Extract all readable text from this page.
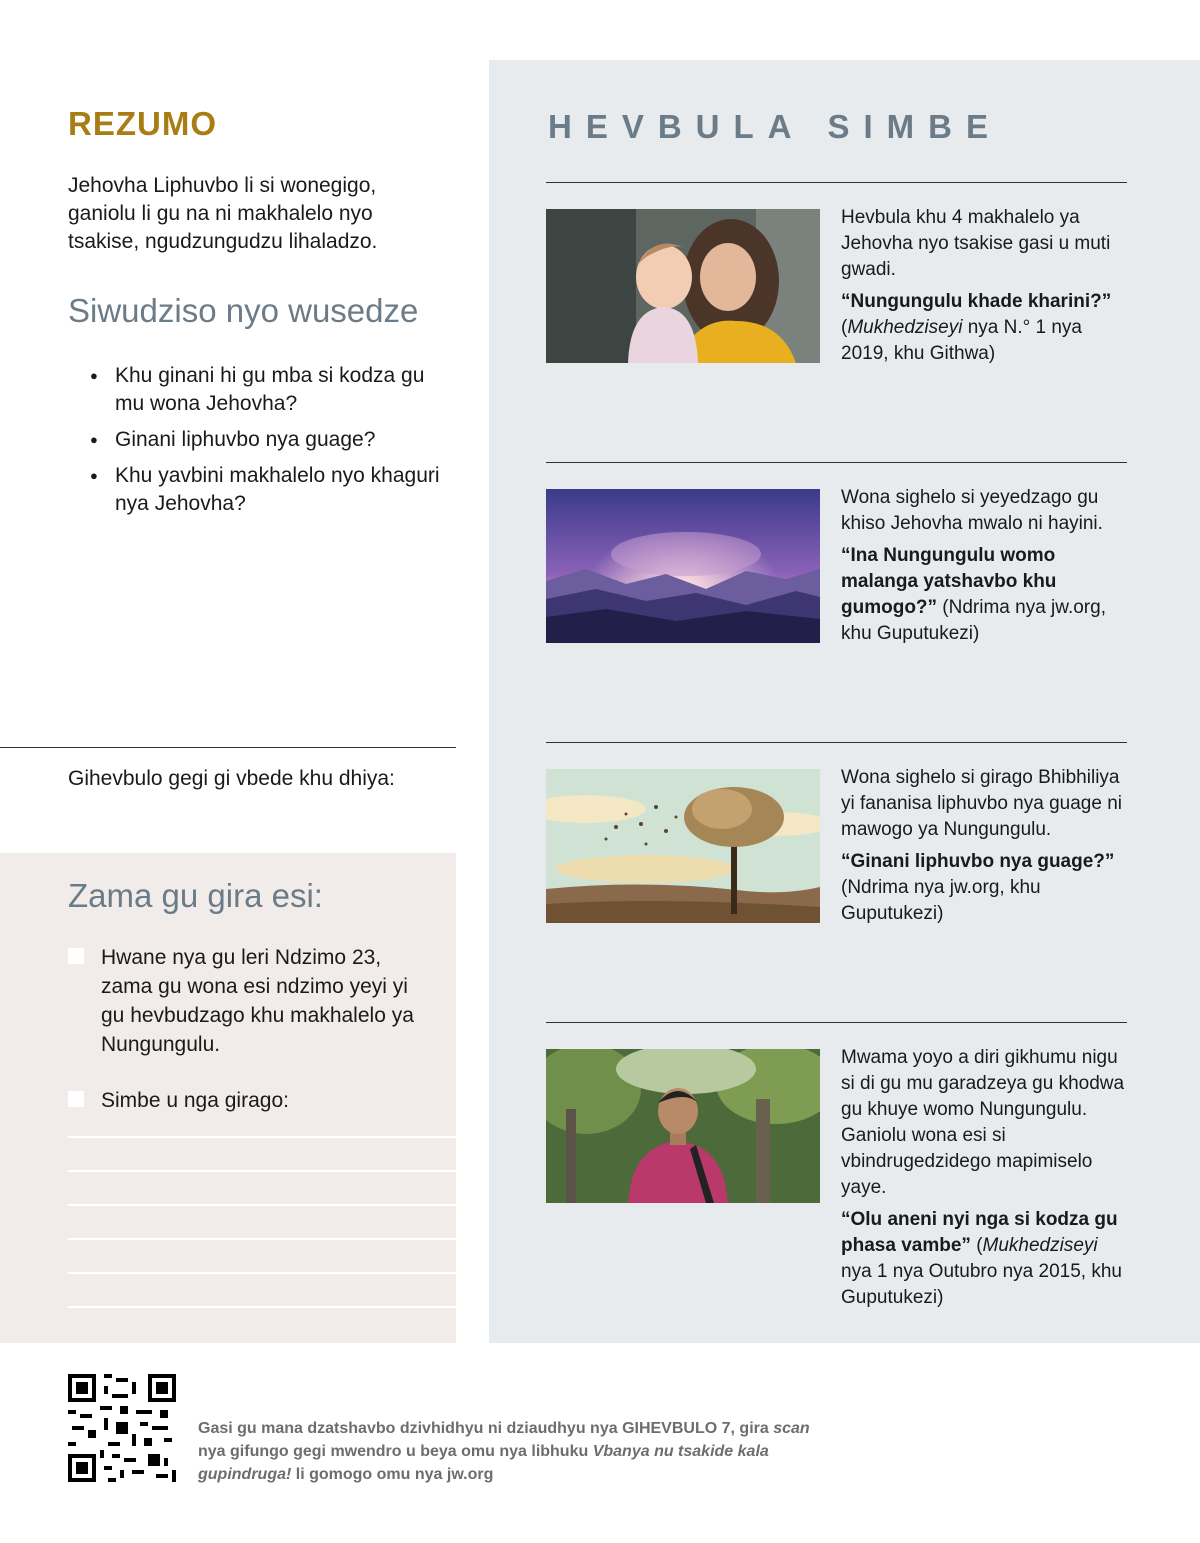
REZUMO

Jehovha Liphuvbo li si wonegigo, ganiolu li gu na ni makhalelo nyo tsakise, ngudzungudzu lihaladzo.

Siwudziso nyo wusedze
● Khu ginani hi gu mba si kodza gu mu wona Jehovha?
● Ginani liphuvbo nya guage?
● Khu yavbini makhalelo nyo khaguri nya Jehovha?

Gihevbulo gegi gi vbede khu dhiya:

Zama gu gira esi:
Hwane nya gu leri Ndzimo 23, zama gu wona esi ndzimo yeyi yi gu hevbudzago khu makhalelo ya Nungungulu.
Simbe u nga girago:
HEVBULA SIMBE

Hevbula khu 4 makhalelo ya Jehovha nyo tsakise gasi u muti gwadi.

“Nungungulu khade kharini?” (Mukhedziseyi nya N.° 1 nya 2019, khu Githwa)

Wona sighelo si yeyedzago gu khiso Jehovha mwalo ni hayini.

“Ina Nungungulu womo malanga yatshavbo khu gumogo?” (Ndrima nya jw.org, khu Guputukezi)

Wona sighelo si girago Bhibhiliya yi fananisa liphuvbo nya guage ni mawogo ya Nungungulu.

“Ginani liphuvbo nya guage?” (Ndrima nya jw.org, khu Guputukezi)

Mwama yoyo a diri gikhumu nigu si di gu mu garadzeya gu khodwa gu khuye womo Nungungulu. Ganiolu wona esi si vbindrugedzidego mapimiselo yaye.

“Olu aneni nyi nga si kodza gu phasa vambe” (Mukhedziseyi nya 1 nya Outubro nya 2015, khu Guputukezi)

Gasi gu mana dzatshavbo dzivhidhyu ni dziaudhyu nya GIHEVBULO 7, gira scan nya gifungo gegi mwendro u beya omu nya libhuku Vbanya nu tsakide kala gupindruga! li gomogo omu nya jw.org
